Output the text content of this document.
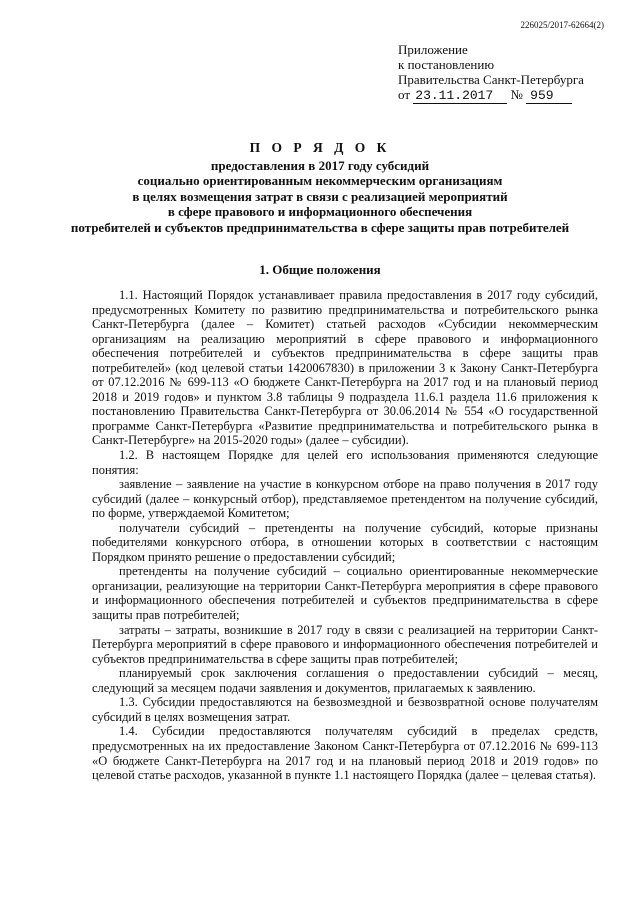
226025/2017-62664(2)
Приложение
к постановлению
Правительства Санкт-Петербурга
от 23.11.2017 № 959
П О Р Я Д О К
предоставления в 2017 году субсидий
социально ориентированным некоммерческим организациям
в целях возмещения затрат в связи с реализацией мероприятий
в сфере правового и информационного обеспечения
потребителей и субъектов предпринимательства в сфере защиты прав потребителей
1. Общие положения

1.1. Настоящий Порядок устанавливает правила предоставления в 2017 году субсидий, предусмотренных Комитету по развитию предпринимательства и потребительского рынка Санкт-Петербурга (далее – Комитет) статьей расходов «Субсидии некоммерческим организациям на реализацию мероприятий в сфере правового и информационного обеспечения потребителей и субъектов предпринимательства в сфере защиты прав потребителей» (код целевой статьи 1420067830) в приложении 3 к Закону Санкт-Петербурга от 07.12.2016 № 699-113 «О бюджете Санкт-Петербурга на 2017 год и на плановый период 2018 и 2019 годов» и пунктом 3.8 таблицы 9 подраздела 11.6.1 раздела 11.6 приложения к постановлению Правительства Санкт-Петербурга от 30.06.2014 № 554 «О государственной программе Санкт-Петербурга «Развитие предпринимательства и потребительского рынка в Санкт-Петербурге» на 2015-2020 годы» (далее – субсидии).

1.2. В настоящем Порядке для целей его использования применяются следующие понятия:

заявление – заявление на участие в конкурсном отборе на право получения в 2017 году субсидий (далее – конкурсный отбор), представляемое претендентом на получение субсидий, по форме, утверждаемой Комитетом;

получатели субсидий – претенденты на получение субсидий, которые признаны победителями конкурсного отбора, в отношении которых в соответствии с настоящим Порядком принято решение о предоставлении субсидий;

претенденты на получение субсидий – социально ориентированные некоммерческие организации, реализующие на территории Санкт-Петербурга мероприятия в сфере правового и информационного обеспечения потребителей и субъектов предпринимательства в сфере защиты прав потребителей;

затраты – затраты, возникшие в 2017 году в связи с реализацией на территории Санкт-Петербурга мероприятий в сфере правового и информационного обеспечения потребителей и субъектов предпринимательства в сфере защиты прав потребителей;

планируемый срок заключения соглашения о предоставлении субсидий – месяц, следующий за месяцем подачи заявления и документов, прилагаемых к заявлению.

1.3. Субсидии предоставляются на безвозмездной и безвозвратной основе получателям субсидий в целях возмещения затрат.

1.4. Субсидии предоставляются получателям субсидий в пределах средств, предусмотренных на их предоставление Законом Санкт-Петербурга от 07.12.2016 № 699-113 «О бюджете Санкт-Петербурга на 2017 год и на плановый период 2018 и 2019 годов» по целевой статье расходов, указанной в пункте 1.1 настоящего Порядка (далее – целевая статья).
